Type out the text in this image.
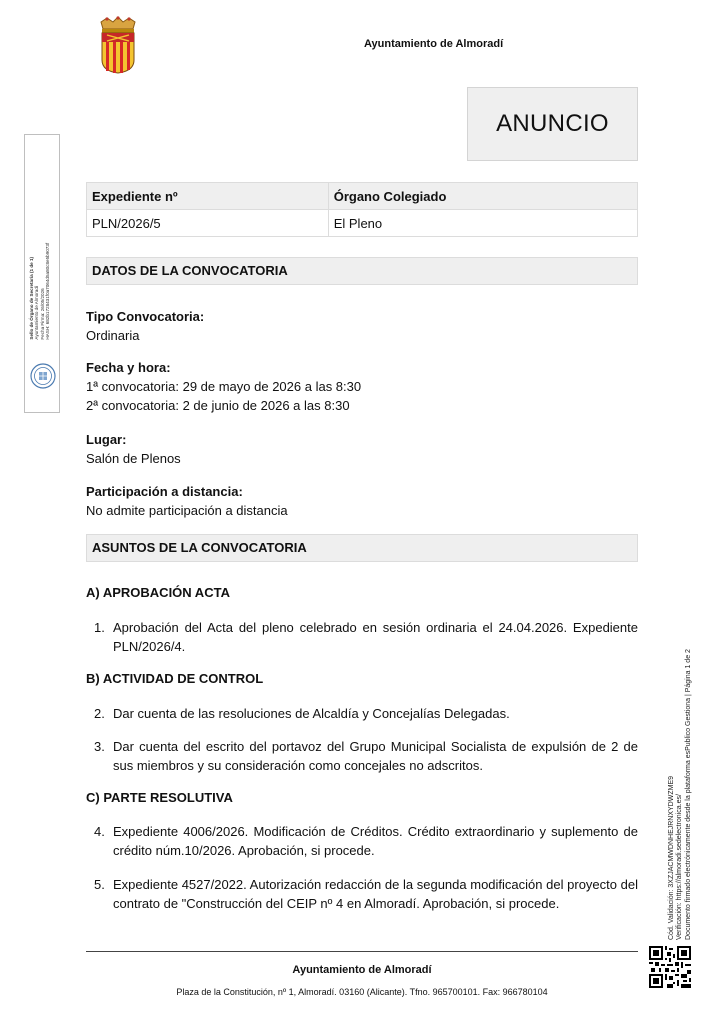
Ayuntamiento de Almoradí
ANUNCIO
Sello de Órgano de Secretaría (1 de 1) Ayuntamiento de Almoradí Fecha Firma: 26/05/2026 HASH: 682b1728431f0a7064d5a80c8e5b9073f
Expediente nº	Órgano Colegiado
PLN/2026/5	El Pleno
DATOS DE LA CONVOCATORIA
Tipo Convocatoria:
Ordinaria
Fecha y hora:
1ª convocatoria: 29 de mayo de 2026 a las 8:30
2ª convocatoria: 2 de junio de 2026 a las 8:30
Lugar:
Salón de Plenos
Participación a distancia:
No admite participación a distancia
ASUNTOS DE LA CONVOCATORIA
A) APROBACIÓN ACTA
1. Aprobación del Acta del pleno celebrado en sesión ordinaria el 24.04.2026. Expediente PLN/2026/4.
B) ACTIVIDAD DE CONTROL
2. Dar cuenta de las resoluciones de Alcaldía y Concejalías Delegadas.
3. Dar cuenta del escrito del portavoz del Grupo Municipal Socialista de expulsión de 2 de sus miembros y su consideración como concejales no adscritos.
C) PARTE RESOLUTIVA
4. Expediente 4006/2026. Modificación de Créditos. Crédito extraordinario y suplemento de crédito núm.10/2026. Aprobación, si procede.
5. Expediente 4527/2022. Autorización redacción de la segunda modificación del proyecto del contrato de "Construcción del CEIP nº 4 en Almoradí. Aprobación, si procede.
Ayuntamiento de Almoradí
Plaza de la Constitución, nº 1, Almoradí. 03160 (Alicante). Tfno. 965700101. Fax: 966780104
Cód. Validación: 3XZJACMWDNHEJRNXYDWZME9 Verificación: https://almoradi.sedelectronica.es/ Documento firmado electrónicamente desde la plataforma esPublico Gestiona | Página 1 de 2
